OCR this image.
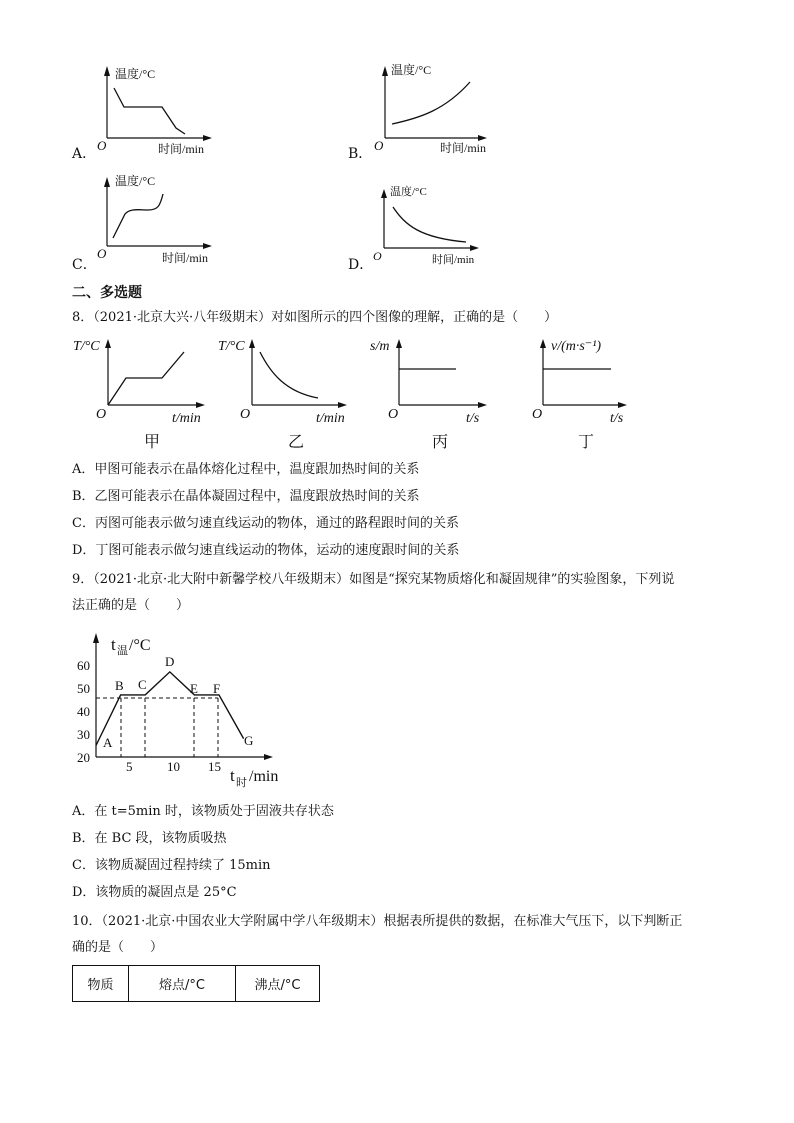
A．
温度/°C
时间/min
O
B．
温度/°C
时间/min
O
C．
温度/°C
时间/min
O
D．
温度/°C
时间/min
O
二、多选题
8．（2021·北京大兴·八年级期末）对如图所示的四个图像的理解，正确的是（　　）
T/°C
t/min
O
甲
T/°C
t/min
O
乙
s/m
t/s
O
丙
v/(m·s⁻¹)
t/s
O
丁
A．甲图可能表示在晶体熔化过程中，温度跟加热时间的关系
B．乙图可能表示在晶体凝固过程中，温度跟放热时间的关系
C．丙图可能表示做匀速直线运动的物体，通过的路程跟时间的关系
D．丁图可能表示做匀速直线运动的物体，运动的速度跟时间的关系
9．（2021·北京·北大附中新馨学校八年级期末）如图是“探究某物质熔化和凝固规律”的实验图象，下列说
法正确的是（　　）
t 温 /°C
t 时 /min
60
50
40
30
20
5	10 15
A
B C
D
E F
G
A．在 t=5min 时，该物质处于固液共存状态
B．在 BC 段，该物质吸热
C．该物质凝固过程持续了 15min
D．该物质的凝固点是 25°C
10．（2021·北京·中国农业大学附属中学八年级期末）根据表所提供的数据，在标准大气压下，以下判断正
确的是（　　）
物质	熔点/°C	沸点/°C
